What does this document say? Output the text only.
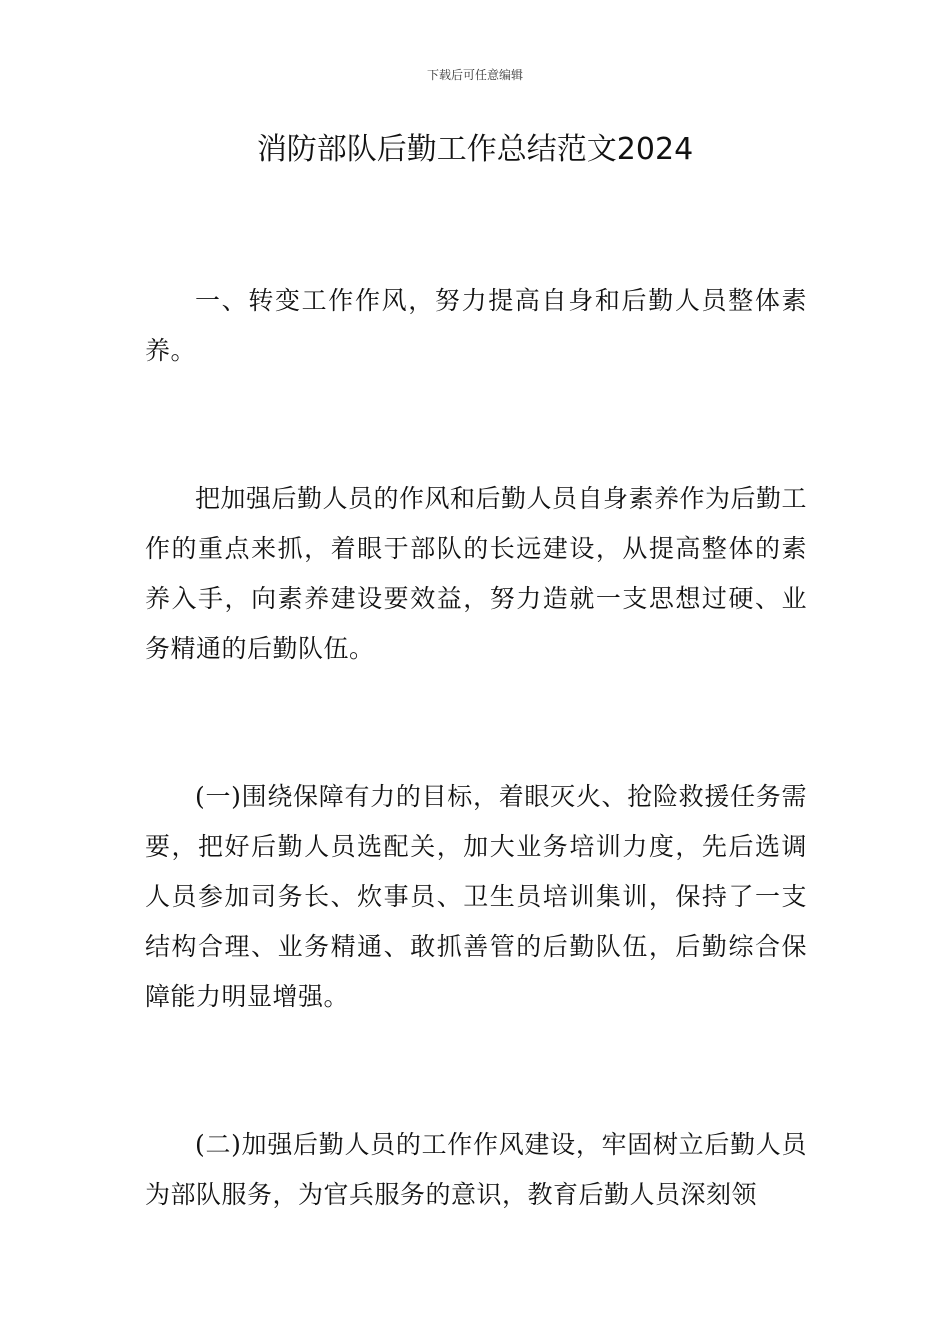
下载后可任意编辑
消防部队后勤工作总结范文2024

一、转变工作作风，努力提高自身和后勤人员整体素养。

把加强后勤人员的作风和后勤人员自身素养作为后勤工作的重点来抓，着眼于部队的长远建设，从提高整体的素养入手，向素养建设要效益，努力造就一支思想过硬、业务精通的后勤队伍。

(一)围绕保障有力的目标，着眼灭火、抢险救援任务需要，把好后勤人员选配关，加大业务培训力度，先后选调人员参加司务长、炊事员、卫生员培训集训，保持了一支结构合理、业务精通、敢抓善管的后勤队伍，后勤综合保障能力明显增强。

(二)加强后勤人员的工作作风建设，牢固树立后勤人员为部队服务，为官兵服务的意识，教育后勤人员深刻领
